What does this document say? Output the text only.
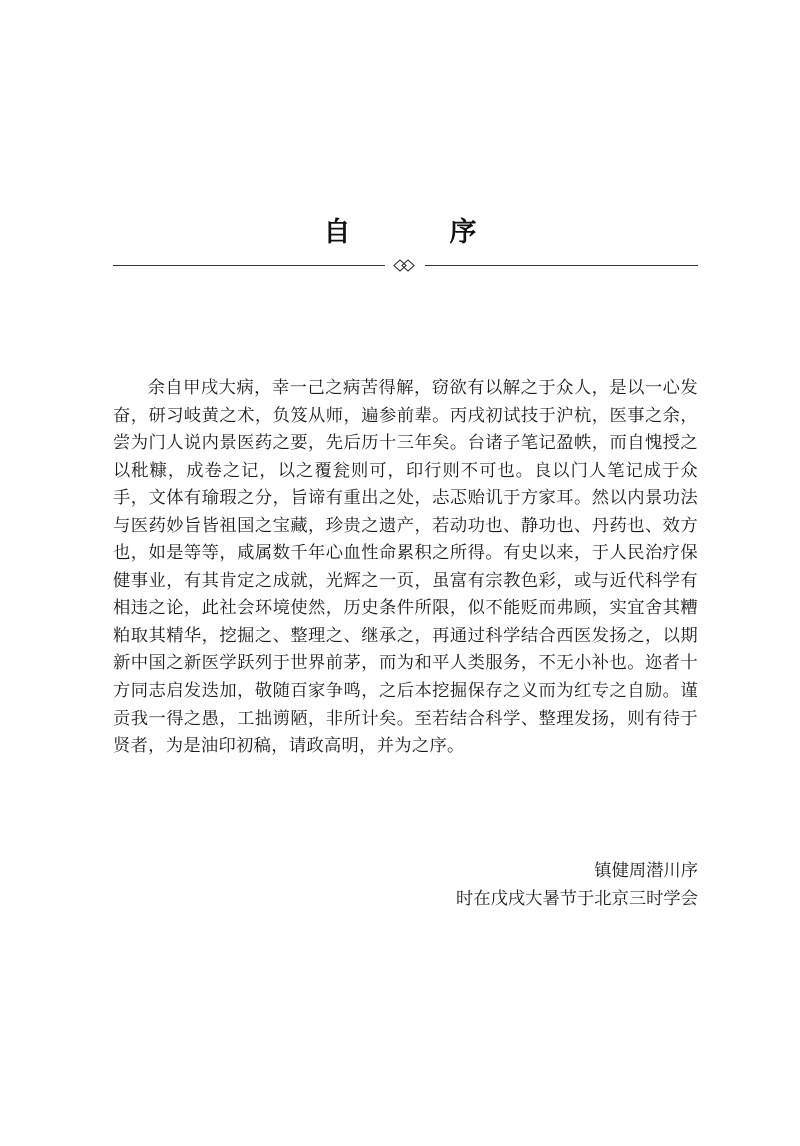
自　序

余自甲戌大病，幸一己之病苦得解，窃欲有以解之于众人，是以一心发奋，研习岐黄之术，负笈从师，遍参前辈。丙戌初试技于沪杭，医事之余，尝为门人说内景医药之要，先后历十三年矣。台诸子笔记盈帙，而自愧授之以秕糠，成卷之记，以之覆瓮则可，印行则不可也。良以门人笔记成于众手，文体有瑜瑕之分，旨谛有重出之处，忐忑贻讥于方家耳。然以内景功法与医药妙旨皆祖国之宝藏，珍贵之遗产，若动功也、静功也、丹药也、效方也，如是等等，咸属数千年心血性命累积之所得。有史以来，于人民治疗保健事业，有其肯定之成就，光辉之一页，虽富有宗教色彩，或与近代科学有相违之论，此社会环境使然，历史条件所限，似不能贬而弗顾，实宜舍其糟粕取其精华，挖掘之、整理之、继承之，再通过科学结合西医发扬之，以期新中国之新医学跃列于世界前茅，而为和平人类服务，不无小补也。迩者十方同志启发迭加，敬随百家争鸣，之后本挖掘保存之义而为红专之自励。谨贡我一得之愚，工拙谫陋，非所计矣。至若结合科学、整理发扬，则有待于贤者，为是油印初稿，请政高明，并为之序。

镇健周潜川序

时在戊戌大暑节于北京三时学会
